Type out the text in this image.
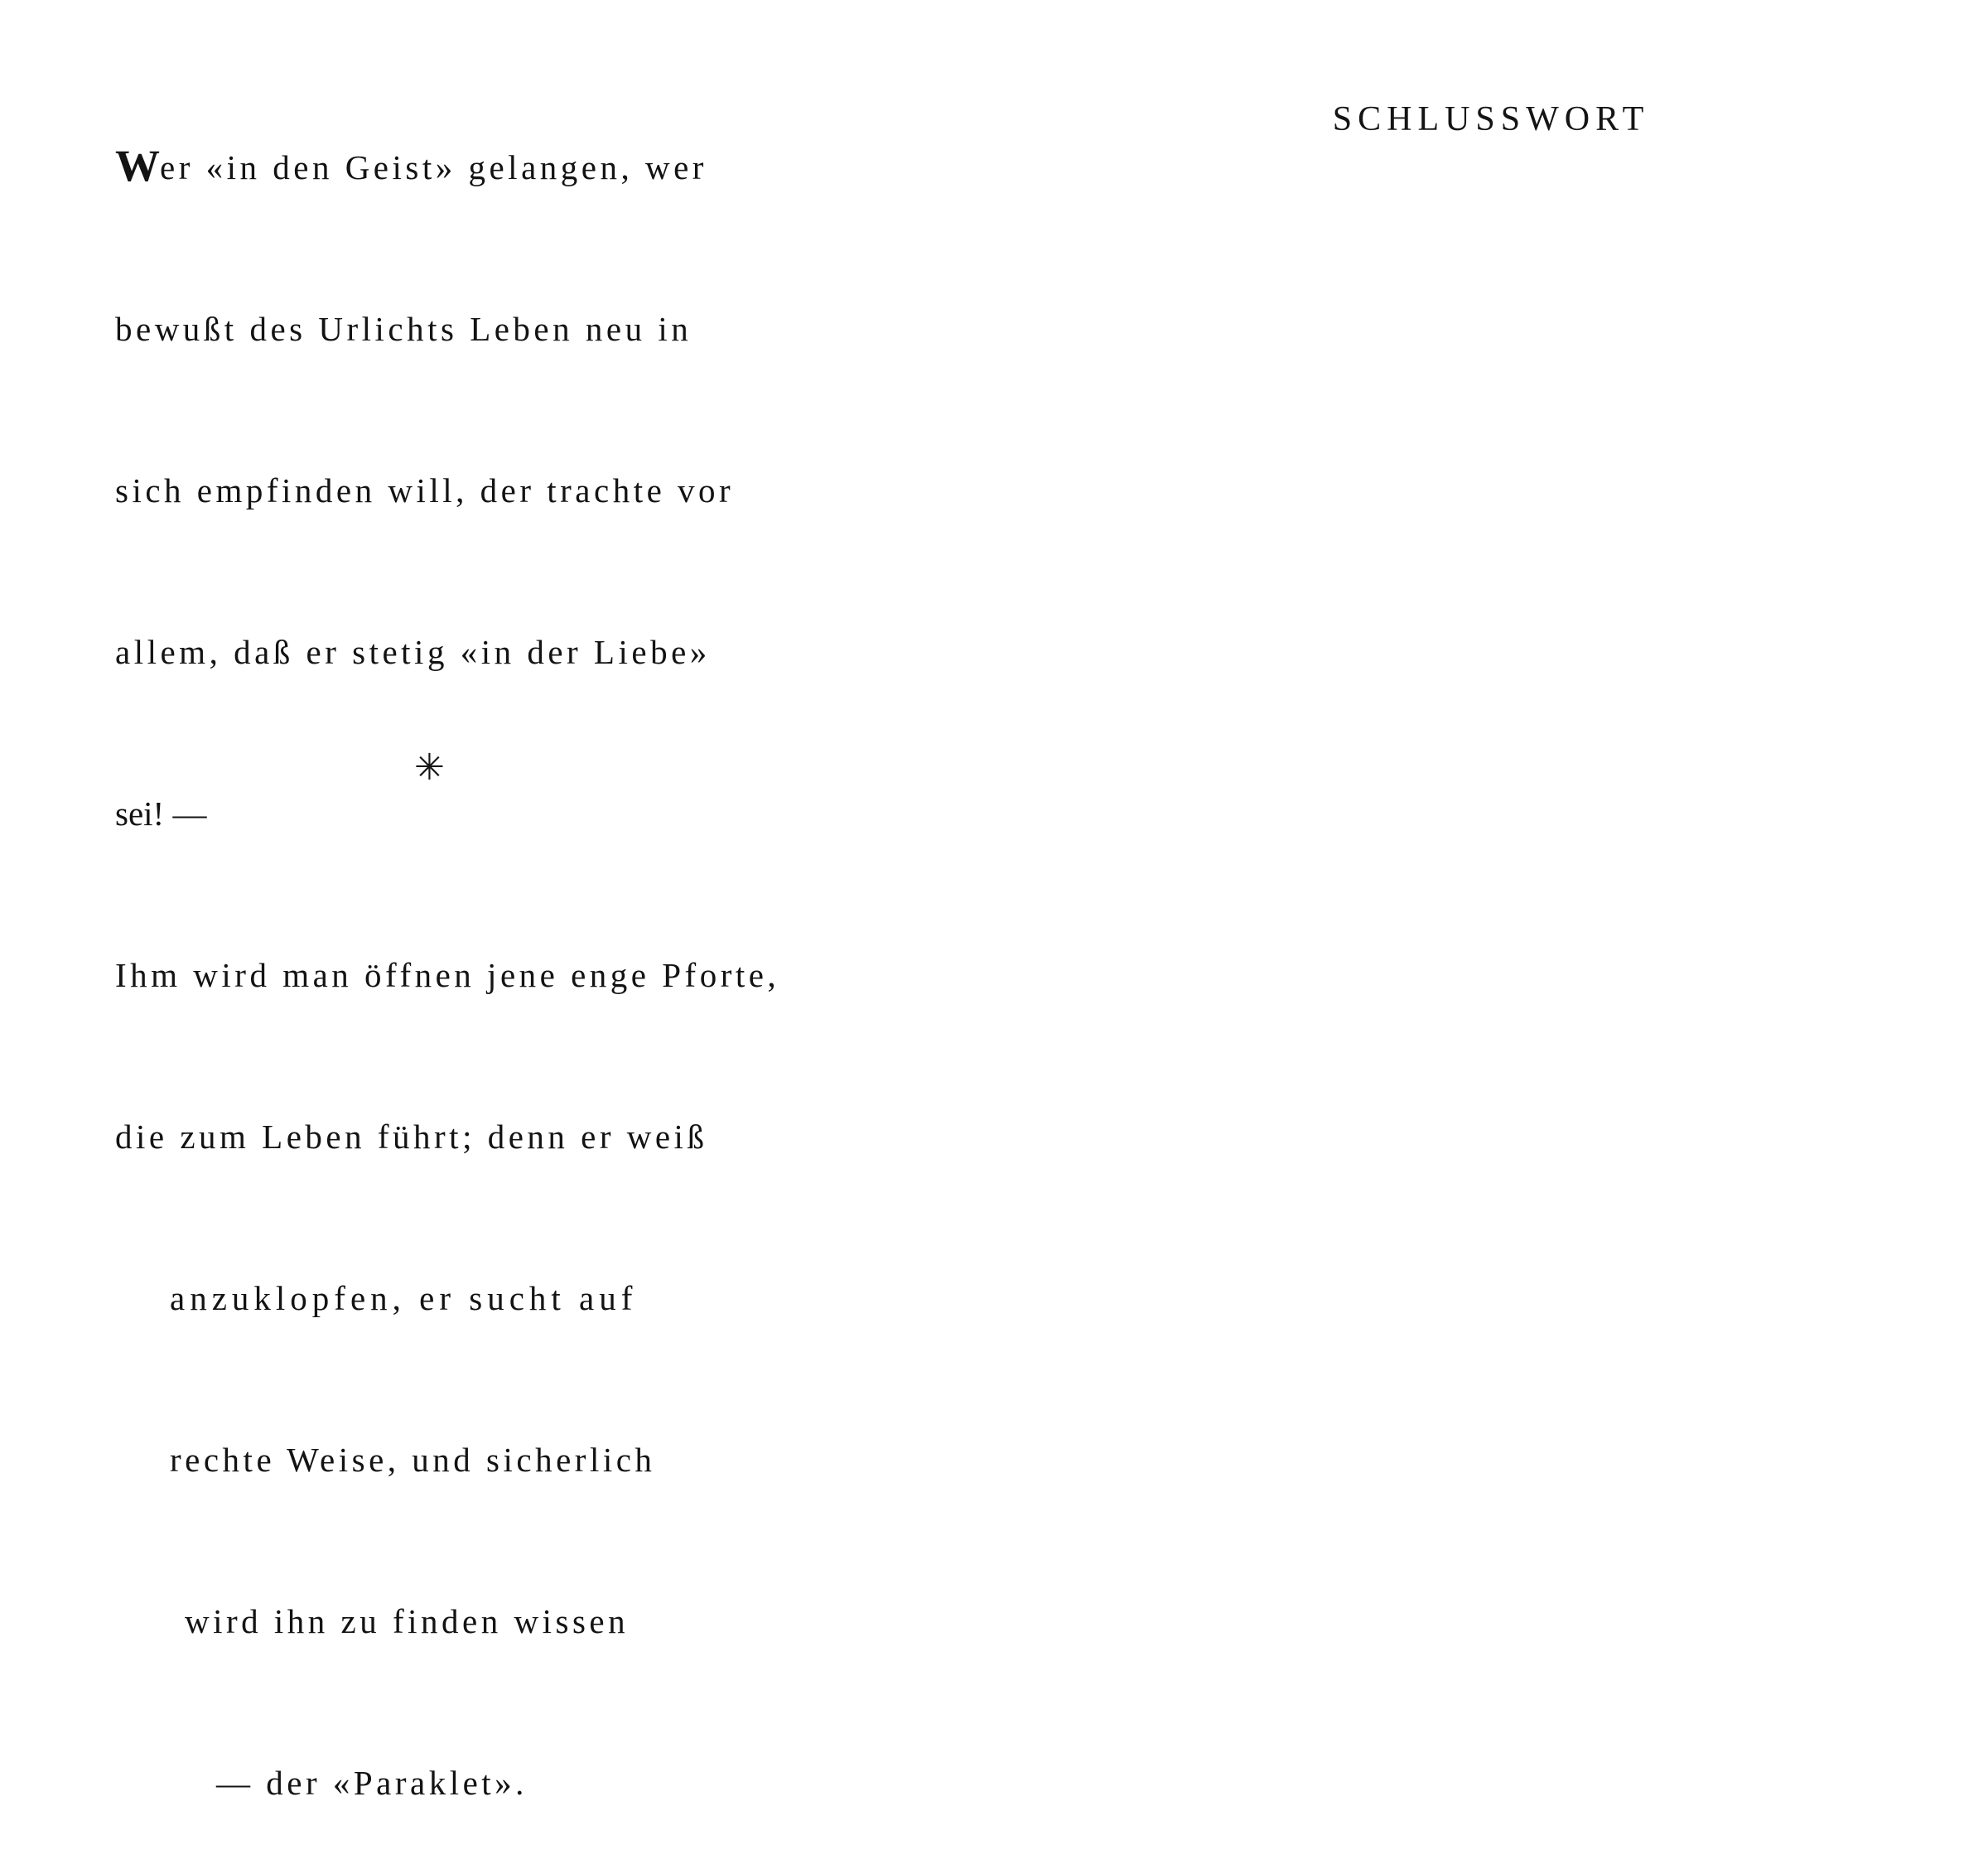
SCHLUSSWORT

Wer «in den Geist» gelangen, wer

bewußt des Urlichts Leben neu in

sich empfinden will, der trachte vor

allem, daß er stetig «in der Liebe»

sei! —

Ihm wird man öffnen jene enge Pforte,

die zum Leben führt; denn er weiß

anzuklopfen, er sucht auf

rechte Weise, und sicherlich

wird ihn zu finden wissen

— der «Paraklet».

✳
